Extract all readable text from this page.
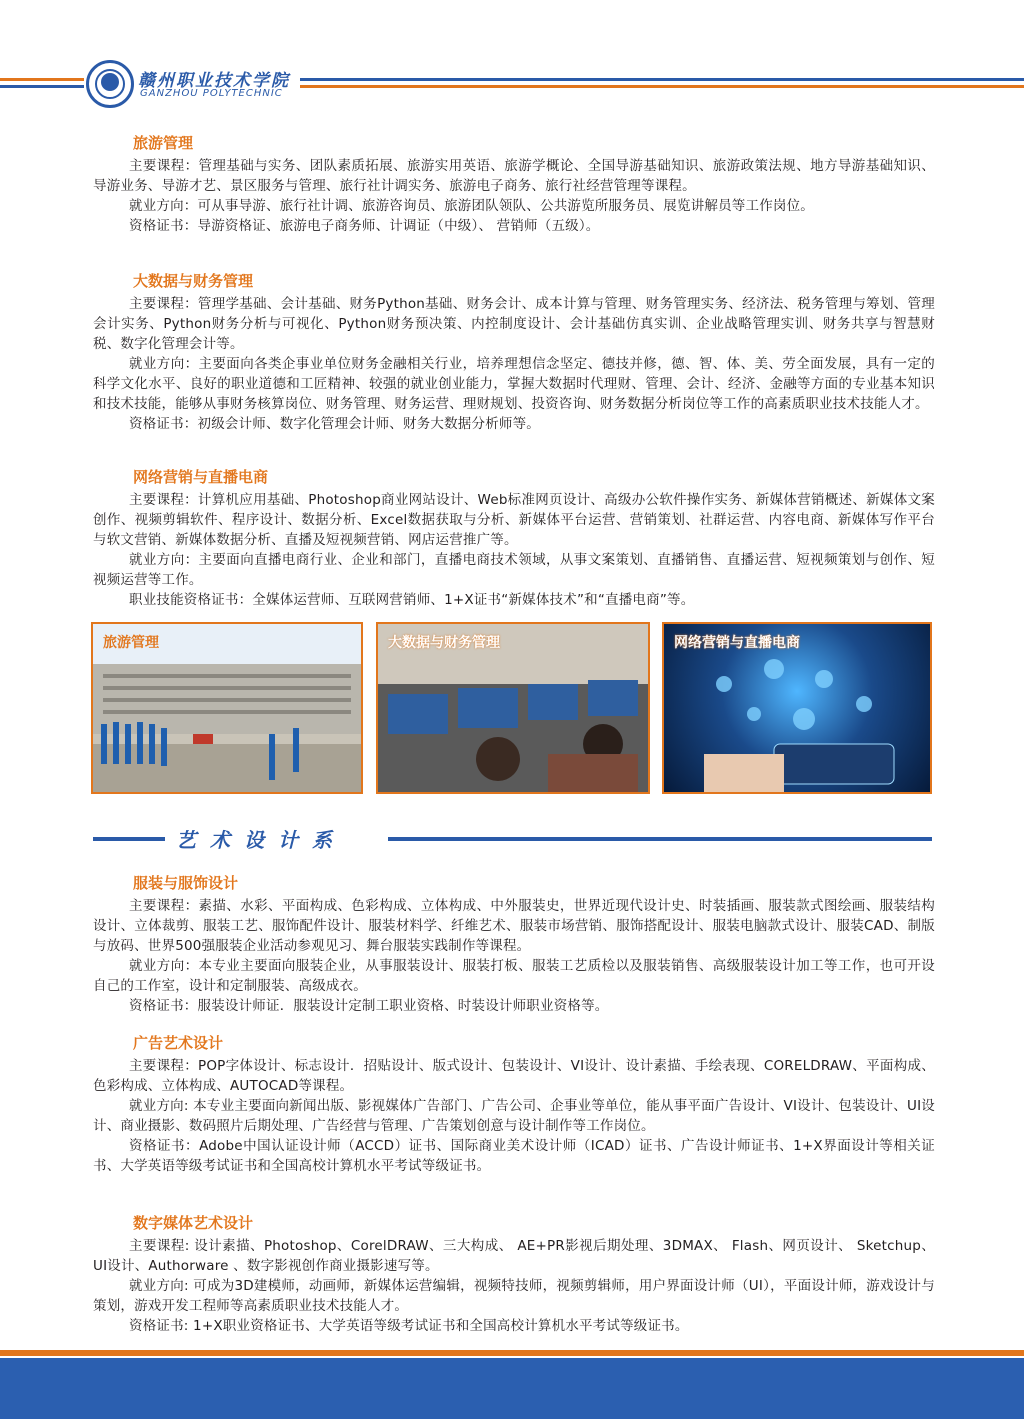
赣州职业技术学院
GANZHOU POLYTECHNIC
旅游管理

主要课程：管理基础与实务、团队素质拓展、旅游实用英语、旅游学概论、全国导游基础知识、旅游政策法规、地方导游基础知识、导游业务、导游才艺、景区服务与管理、旅行社计调实务、旅游电子商务、旅行社经营管理等课程。

就业方向：可从事导游、旅行社计调、旅游咨询员、旅游团队领队、公共游览所服务员、展览讲解员等工作岗位。

资格证书：导游资格证、旅游电子商务师、计调证（中级）、 营销师（五级）。

大数据与财务管理

主要课程：管理学基础、会计基础、财务Python基础、财务会计、成本计算与管理、财务管理实务、经济法、税务管理与筹划、管理会计实务、Python财务分析与可视化、Python财务预决策、内控制度设计、会计基础仿真实训、企业战略管理实训、财务共享与智慧财税、数字化管理会计等。

就业方向：主要面向各类企事业单位财务金融相关行业，培养理想信念坚定、德技并修，德、智、体、美、劳全面发展，具有一定的科学文化水平、良好的职业道德和工匠精神、较强的就业创业能力，掌握大数据时代理财、管理、会计、经济、金融等方面的专业基本知识和技术技能，能够从事财务核算岗位、财务管理、财务运营、理财规划、投资咨询、财务数据分析岗位等工作的高素质职业技术技能人才。

资格证书：初级会计师、数字化管理会计师、财务大数据分析师等。

网络营销与直播电商

主要课程：计算机应用基础、Photoshop商业网站设计、Web标准网页设计、高级办公软件操作实务、新媒体营销概述、新媒体文案创作、视频剪辑软件、程序设计、数据分析、Excel数据获取与分析、新媒体平台运营、营销策划、社群运营、内容电商、新媒体写作平台与软文营销、新媒体数据分析、直播及短视频营销、网店运营推广等。

就业方向：主要面向直播电商行业、企业和部门，直播电商技术领域，从事文案策划、直播销售、直播运营、短视频策划与创作、短视频运营等工作。

职业技能资格证书：全媒体运营师、互联网营销师、1+X证书“新媒体技术”和“直播电商”等。

旅游管理	大数据与财务管理	网络营销与直播电商
艺术设计系
服装与服饰设计

主要课程：素描、水彩、平面构成、色彩构成、立体构成、中外服装史，世界近现代设计史、时装插画、服装款式图绘画、服装结构设计、立体裁剪、服装工艺、服饰配件设计、服装材料学、纤维艺术、服装市场营销、服饰搭配设计、服装电脑款式设计、服装CAD、制版与放码、世界500强服装企业活动参观见习、舞台服装实践制作等课程。

就业方向：本专业主要面向服装企业，从事服装设计、服装打板、服装工艺质检以及服装销售、高级服装设计加工等工作，也可开设自己的工作室，设计和定制服装、高级成衣。

资格证书：服装设计师证．服装设计定制工职业资格、时装设计师职业资格等。

广告艺术设计

主要课程：POP字体设计、标志设计．招贴设计、版式设计、包装设计、VI设计、设计素描、手绘表现、CORELDRAW、平面构成、色彩构成、立体构成、AUTOCAD等课程。

就业方向: 本专业主要面向新闻出版、影视媒体广告部门、广告公司、企事业等单位，能从事平面广告设计、VI设计、包装设计、UI设计、商业摄影、数码照片后期处理、广告经营与管理、广告策划创意与设计制作等工作岗位。

资格证书：Adobe中国认证设计师（ACCD）证书、国际商业美术设计师（ICAD）证书、广告设计师证书、1+X界面设计等相关证书、大学英语等级考试证书和全国高校计算机水平考试等级证书。

数字媒体艺术设计

主要课程: 设计素描、Photoshop、CorelDRAW、三大构成、 AE+PR影视后期处理、3DMAX、 Flash、网页设计、 Sketchup、 UI设计、Authorware 、数字影视创作商业摄影速写等。

就业方向: 可成为3D建模师，动画师，新媒体运营编辑，视频特技师，视频剪辑师，用户界面设计师（UI），平面设计师，游戏设计与策划，游戏开发工程师等高素质职业技术技能人才。

资格证书: 1+X职业资格证书、大学英语等级考试证书和全国高校计算机水平考试等级证书。
